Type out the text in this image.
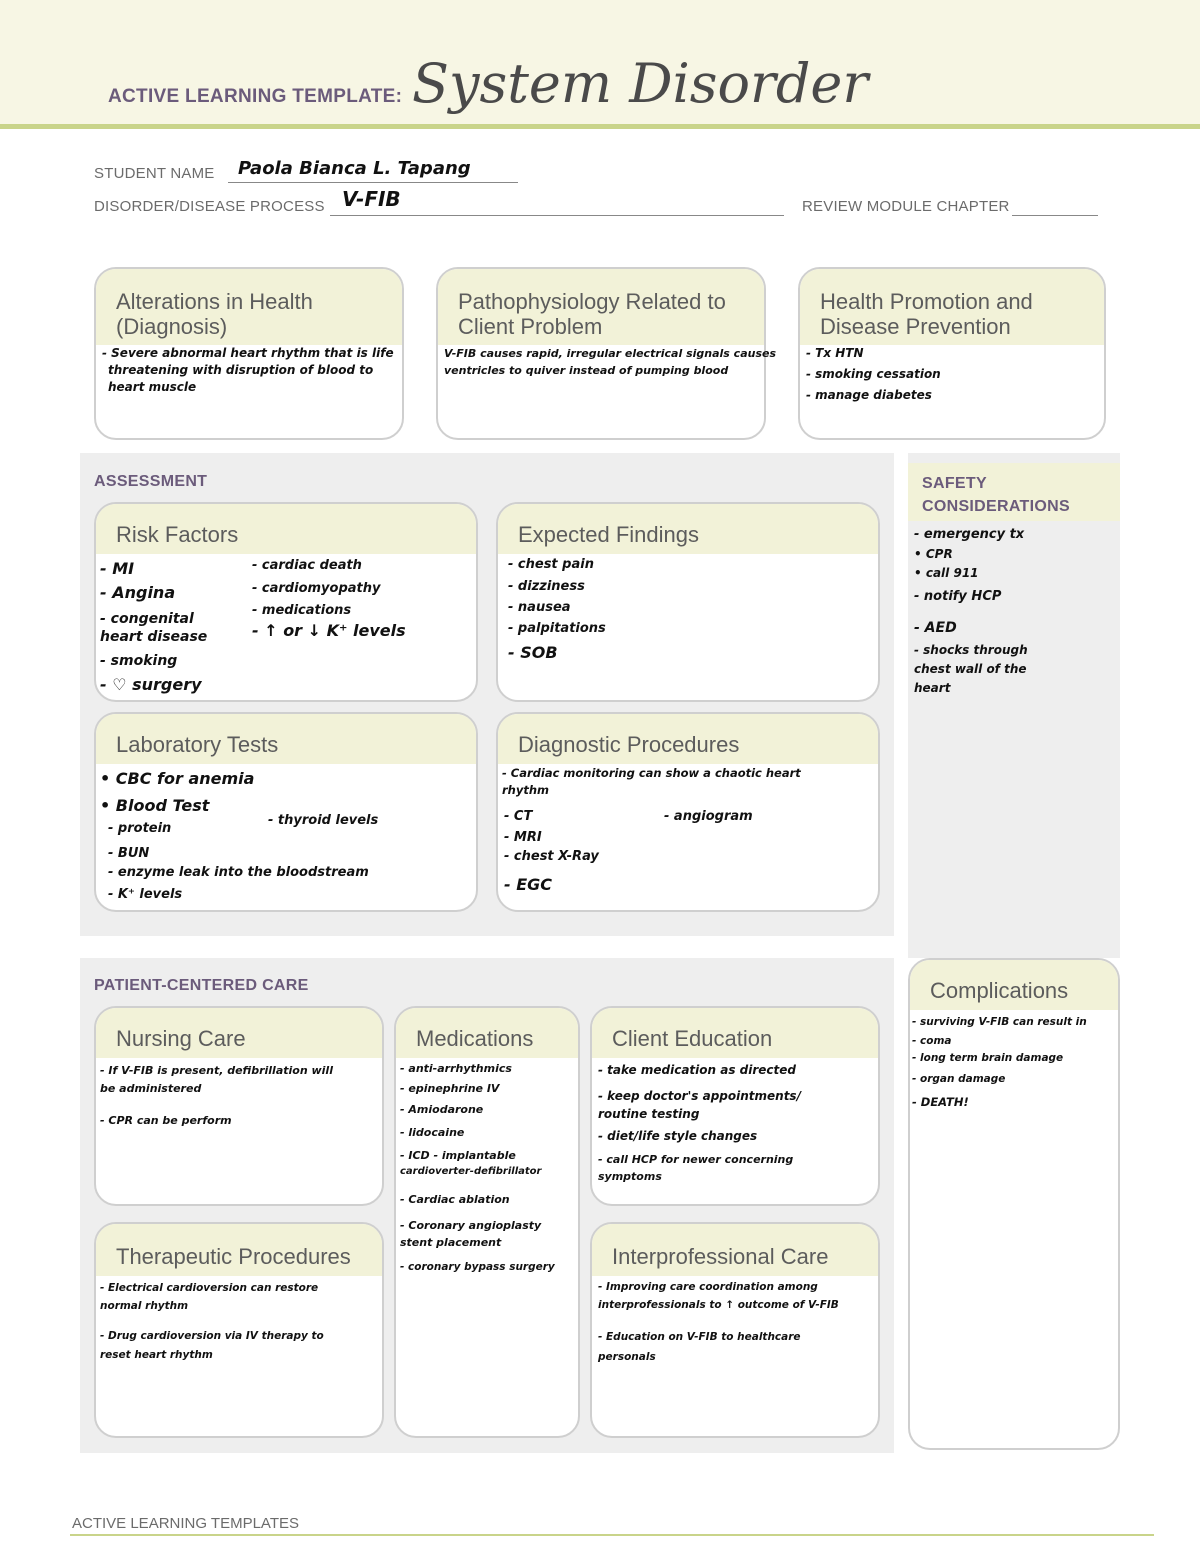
ACTIVE LEARNING TEMPLATE: System Disorder
STUDENT NAME Paola Bianca L. Tapang
DISORDER/DISEASE PROCESS V-FIB	REVIEW MODULE CHAPTER
Alterations in Health (Diagnosis)
- Severe abnormal heart rhythm that is life
threatening with disruption of blood to
heart muscle
Pathophysiology Related to Client Problem
V-FIB causes rapid, irregular electrical signals causes
ventricles to quiver instead of pumping blood
Health Promotion and Disease Prevention
- Tx HTN
- smoking cessation
- manage diabetes
ASSESSMENT
Risk Factors
- MI
- Angina
- congenital
heart disease
- smoking
- ♡ surgery
- cardiac death
- cardiomyopathy
- medications
- ↑ or ↓ K⁺ levels
Expected Findings
- chest pain
- dizziness
- nausea
- palpitations
- SOB
Laboratory Tests
• CBC for anemia
• Blood Test
- protein
- BUN
- enzyme leak into the bloodstream
- K⁺ levels
- thyroid levels
Diagnostic Procedures
- Cardiac monitoring can show a chaotic heart
rhythm
- CT
- MRI
- chest X-Ray
- EGC
- angiogram
SAFETY CONSIDERATIONS
- emergency tx
• CPR
• call 911
- notify HCP
- AED
- shocks through
chest wall of the
heart
PATIENT-CENTERED CARE
Nursing Care
- If V-FIB is present, defibrillation will
be administered
- CPR can be perform
Medications
- anti-arrhythmics
- epinephrine IV
- Amiodarone
- lidocaine
- ICD - implantable
cardioverter-defibrillator
- Cardiac ablation
- Coronary angioplasty
stent placement
- coronary bypass surgery
Client Education
- take medication as directed
- keep doctor's appointments/
routine testing
- diet/life style changes
- call HCP for newer concerning
symptoms
Therapeutic Procedures
- Electrical cardioversion can restore
normal rhythm
- Drug cardioversion via IV therapy to
reset heart rhythm
Interprofessional Care
- Improving care coordination among
interprofessionals to ↑ outcome of V-FIB
- Education on V-FIB to healthcare
personals
Complications
- surviving V-FIB can result in
- coma
- long term brain damage
- organ damage
- DEATH!
ACTIVE LEARNING TEMPLATES
